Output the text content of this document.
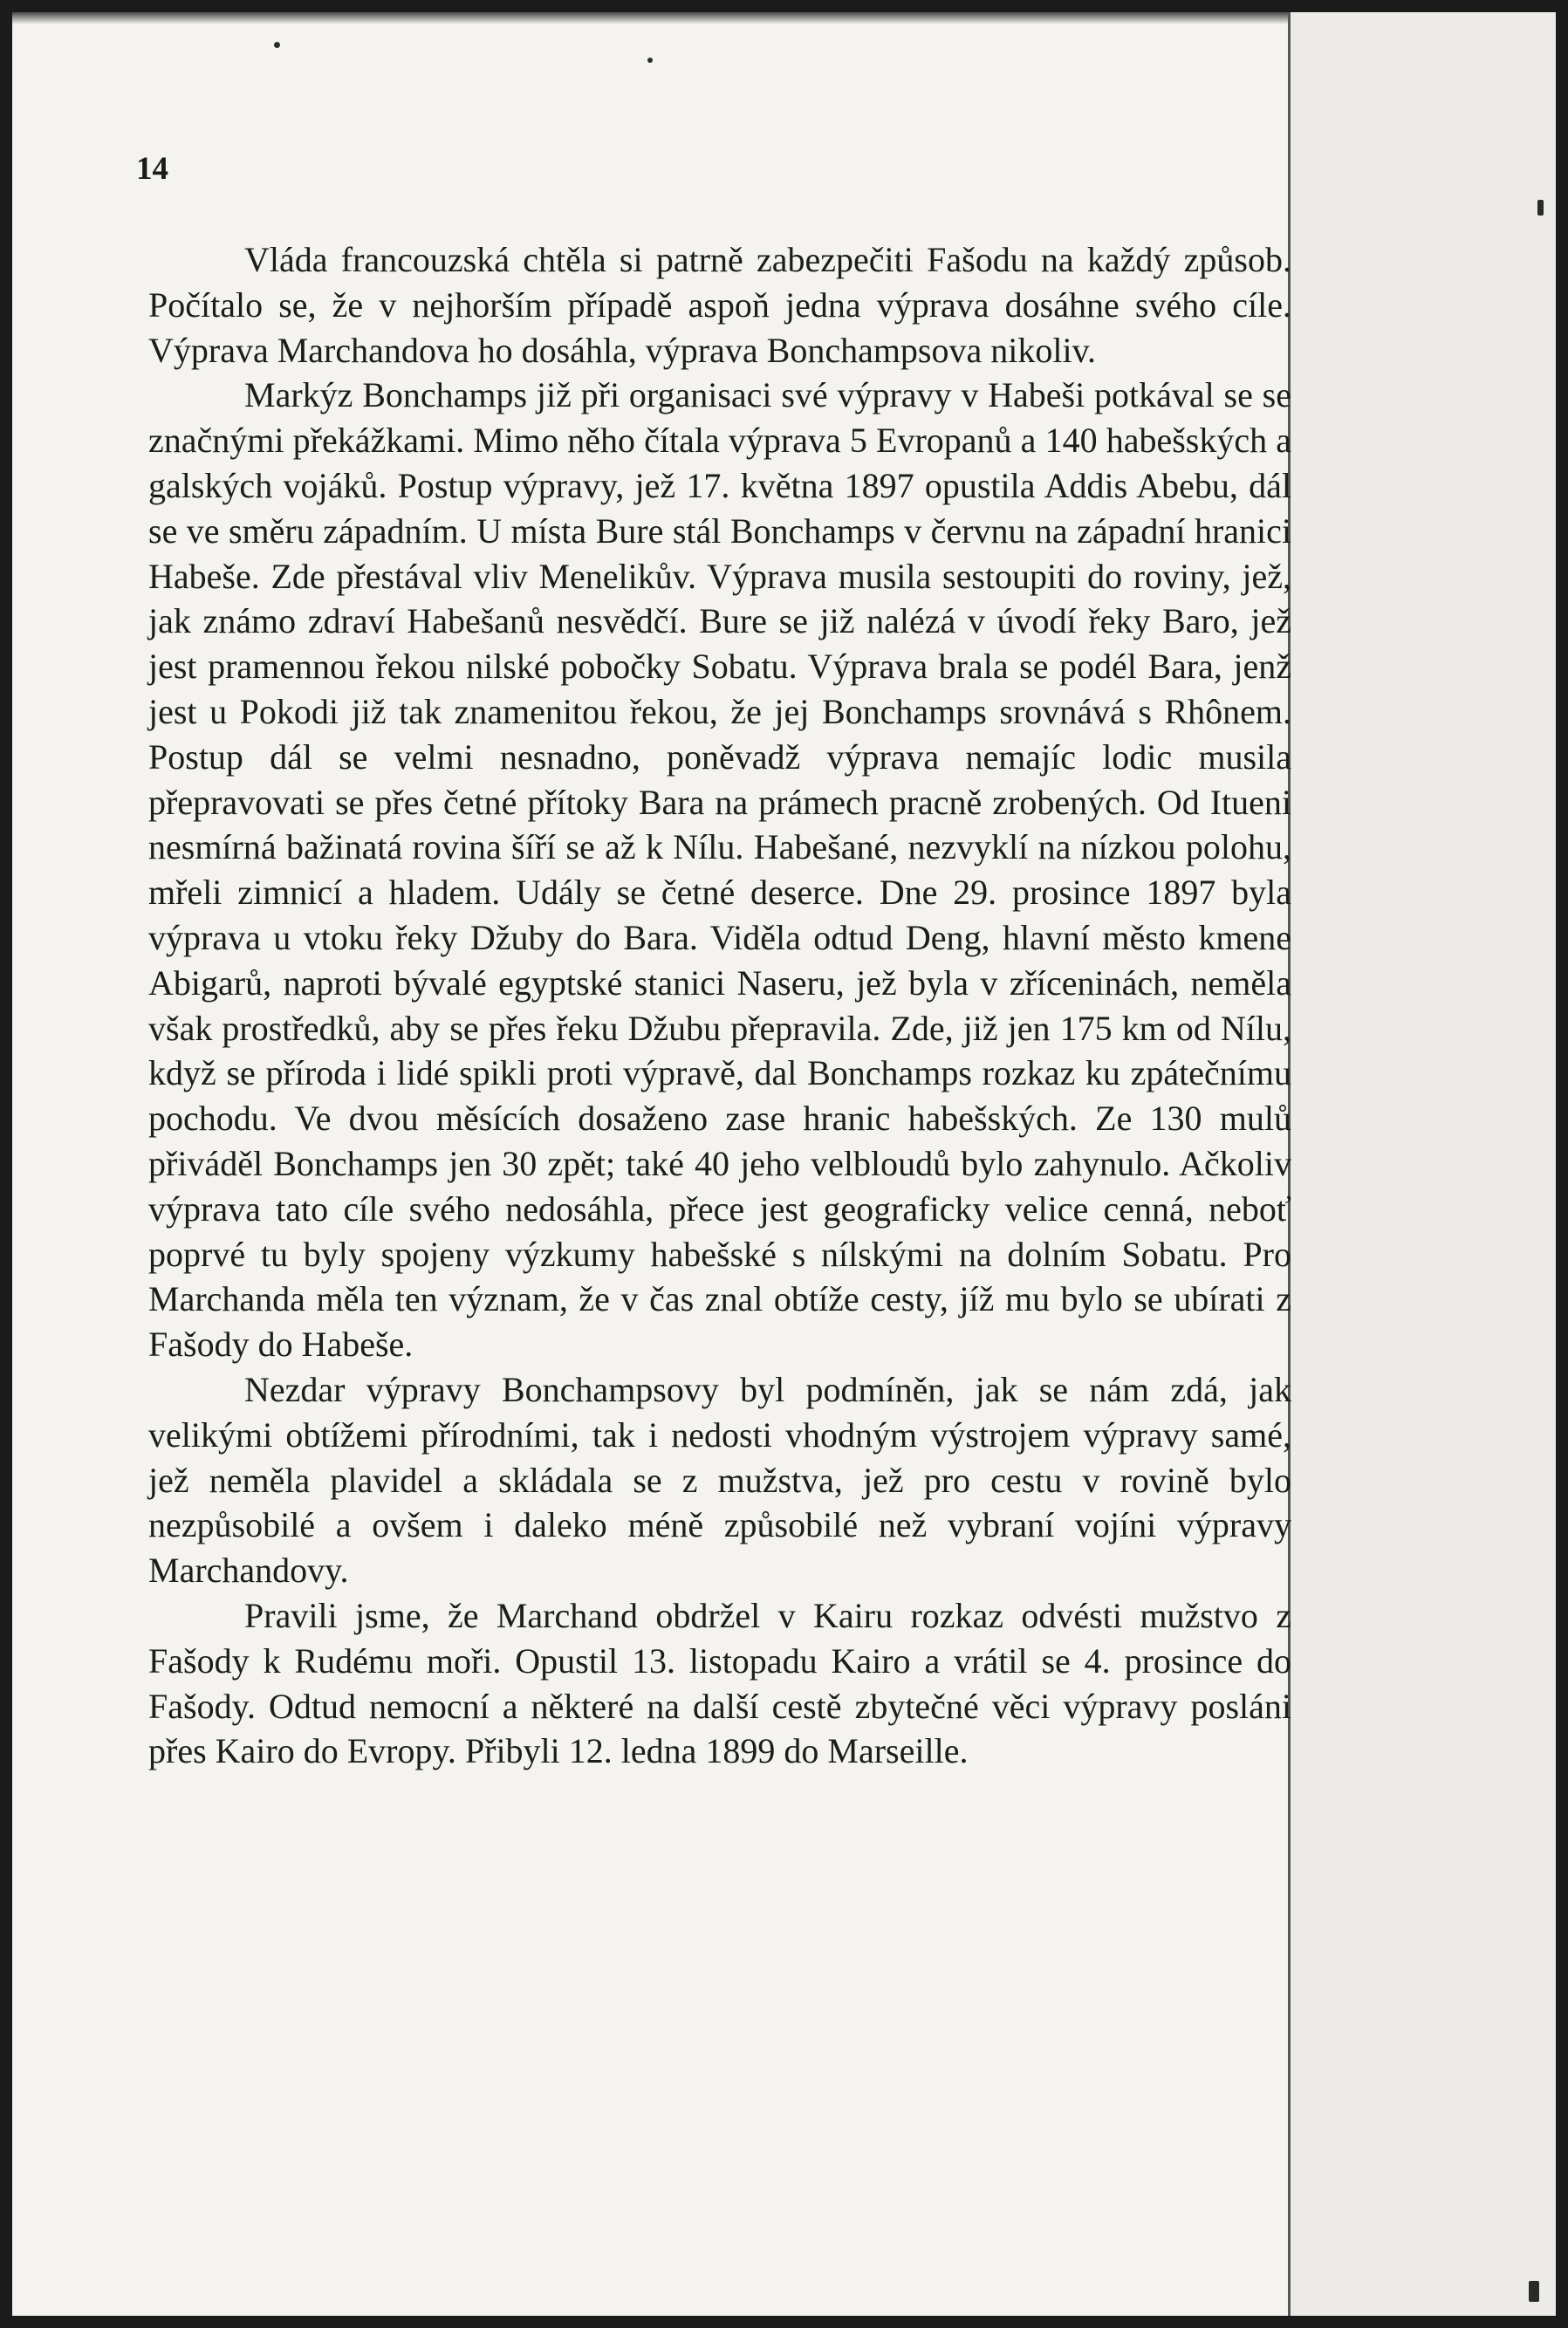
14

Vláda francouzská chtěla si patrně zabezpečiti Fašodu na každý způsob. Počítalo se, že v nejhorším případě aspoň jedna výprava dosáhne svého cíle. Výprava Marchandova ho dosáhla, výprava Bonchampsova nikoliv.

Markýz Bonchamps již při organisaci své výpravy v Habeši potkával se se značnými překážkami. Mimo něho čítala výprava 5 Evropanů a 140 habešských a galských vojáků. Postup výpravy, jež 17. května 1897 opustila Addis Abebu, dál se ve směru západním. U místa Bure stál Bonchamps v červnu na západní hranici Habeše. Zde přestával vliv Menelikův. Výprava musila sestoupiti do roviny, jež, jak známo zdraví Habešanů nesvědčí. Bure se již nalézá v úvodí řeky Baro, jež jest pramennou řekou nilské pobočky Sobatu. Výprava brala se podél Bara, jenž jest u Pokodi již tak znamenitou řekou, že jej Bonchamps srovnává s Rhônem. Postup dál se velmi nesnadno, poněvadž výprava nemajíc lodic musila přepravovati se přes četné přítoky Bara na prámech pracně zrobených. Od Itueni nesmírná bažinatá rovina šíří se až k Nílu. Habešané, nezvyklí na nízkou polohu, mřeli zimnicí a hladem. Udály se četné deserce. Dne 29. prosince 1897 byla výprava u vtoku řeky Džuby do Bara. Viděla odtud Deng, hlavní město kmene Abigarů, naproti bývalé egyptské stanici Naseru, jež byla v zříceninách, neměla však prostředků, aby se přes řeku Džubu přepravila. Zde, již jen 175 km od Nílu, když se příroda i lidé spikli proti výpravě, dal Bonchamps rozkaz ku zpátečnímu pochodu. Ve dvou měsících dosaženo zase hranic habešských. Ze 130 mulů přiváděl Bonchamps jen 30 zpět; také 40 jeho velbloudů bylo zahynulo. Ačkoliv výprava tato cíle svého nedosáhla, přece jest geograficky velice cenná, neboť poprvé tu byly spojeny výzkumy habešské s nílskými na dolním Sobatu. Pro Marchanda měla ten význam, že v čas znal obtíže cesty, jíž mu bylo se ubírati z Fašody do Habeše.

Nezdar výpravy Bonchampsovy byl podmíněn, jak se nám zdá, jak velikými obtížemi přírodními, tak i nedosti vhodným výstrojem výpravy samé, jež neměla plavidel a skládala se z mužstva, jež pro cestu v rovině bylo nezpůsobilé a ovšem i daleko méně způsobilé než vybraní vojíni výpravy Marchandovy.

Pravili jsme, že Marchand obdržel v Kairu rozkaz odvésti mužstvo z Fašody k Rudému moři. Opustil 13. listopadu Kairo a vrátil se 4. prosince do Fašody. Odtud nemocní a některé na další cestě zbytečné věci výpravy posláni přes Kairo do Evropy. Přibyli 12. ledna 1899 do Marseille.
